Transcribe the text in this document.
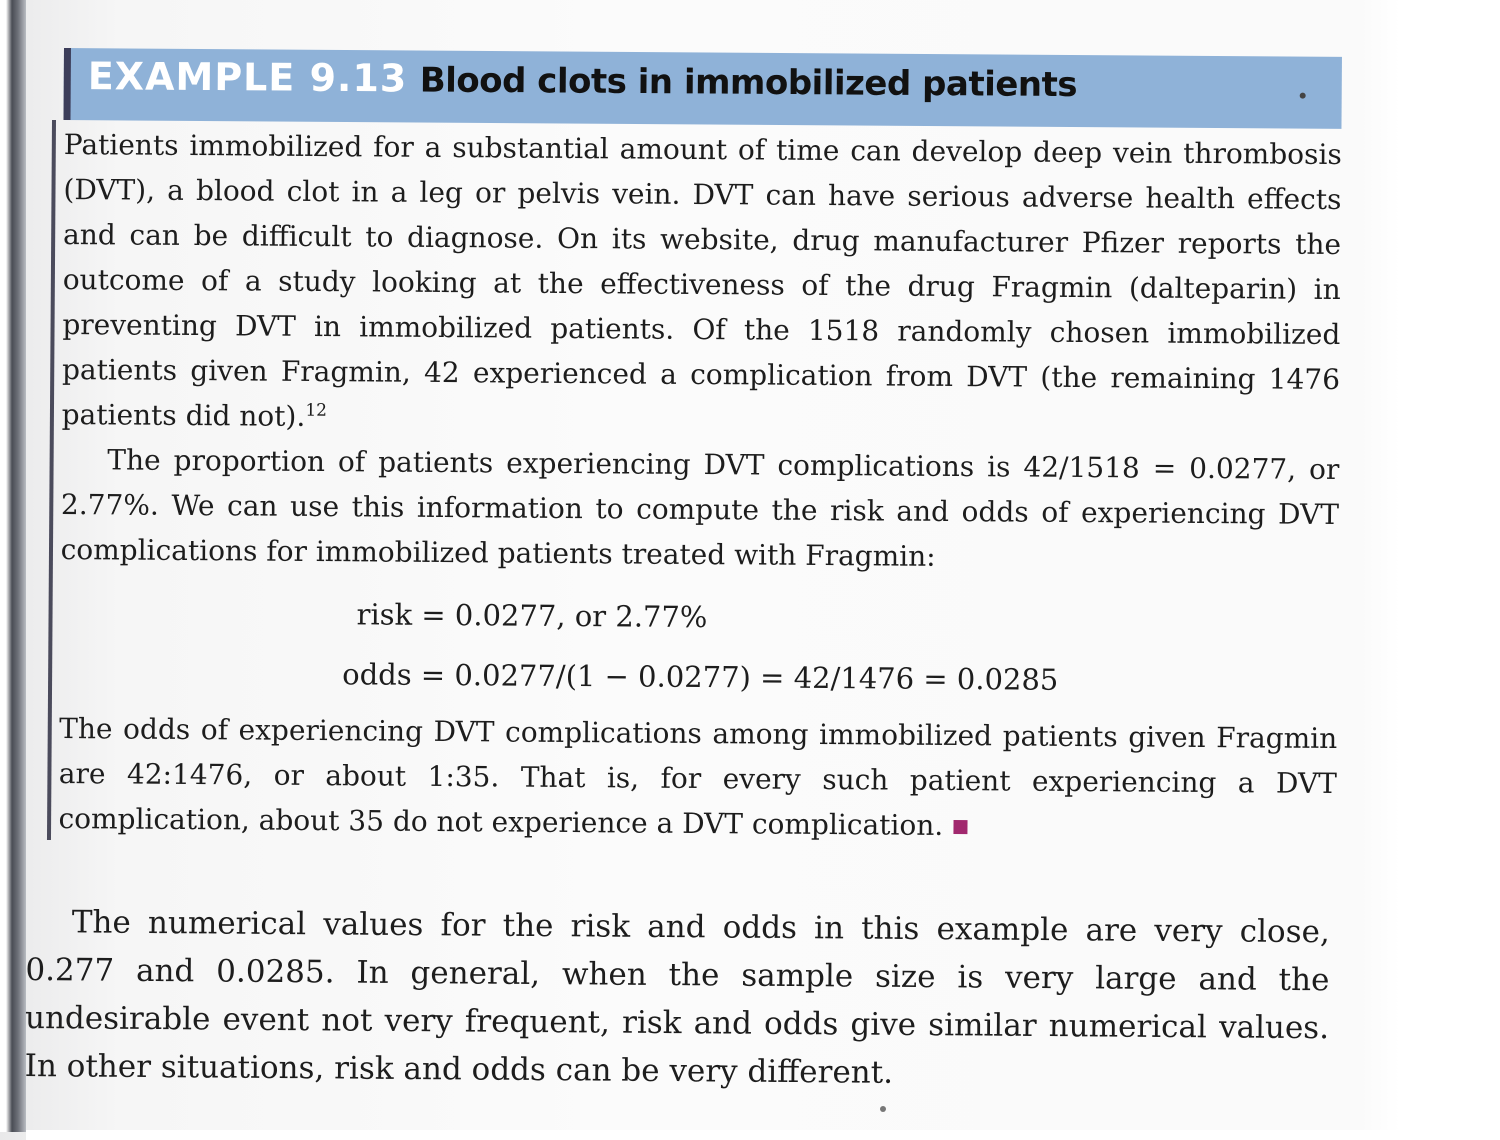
EXAMPLE 9.13 Blood clots in immobilized patients

Patients immobilized for a substantial amount of time can develop deep vein thrombosis (DVT), a blood clot in a leg or pelvis vein. DVT can have serious adverse health effects and can be difficult to diagnose. On its website, drug manufacturer Pfizer reports the outcome of a study looking at the effectiveness of the drug Fragmin (dalteparin) in preventing DVT in immobilized patients. Of the 1518 randomly chosen immobilized patients given Fragmin, 42 experienced a complication from DVT (the remaining 1476 patients did not).$^{12}$

The proportion of patients experiencing DVT complications is 42/1518 = 0.0277, or 2.77%. We can use this information to compute the risk and odds of experiencing DVT complications for immobilized patients treated with Fragmin:

risk = 0.0277, or 2.77%
odds = 0.0277/(1 − 0.0277) = 42/1476 = 0.0285

The odds of experiencing DVT complications among immobilized patients given Fragmin are 42:1476, or about 1:35. That is, for every such patient experiencing a DVT complication, about 35 do not experience a DVT complication.

The numerical values for the risk and odds in this example are very close, 0.277 and 0.0285. In general, when the sample size is very large and the undesirable event not very frequent, risk and odds give similar numerical values. In other situations, risk and odds can be very different.
